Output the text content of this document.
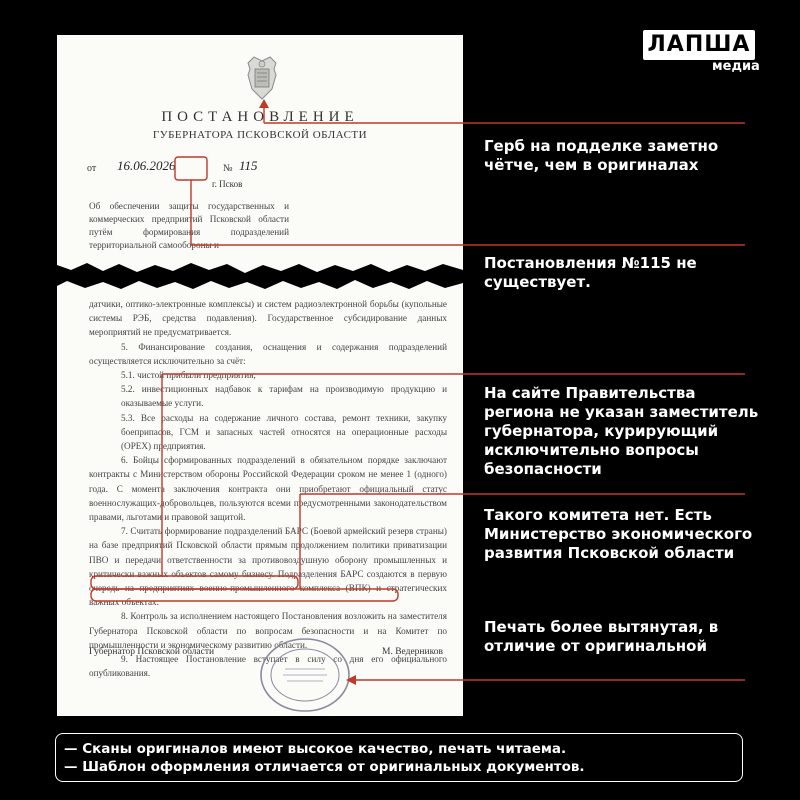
ЛАПША
медиа
ПОСТАНОВЛЕНИЕ
ГУБЕРНАТОРА ПСКОВСКОЙ ОБЛАСТИ
от 16.06.2026	№ 115
г. Псков
Об обеспечении защиты государственных и коммерческих предприятий Псковской области путём формирования подразделений территориальной самообороны и

датчики, оптико-электронные комплексы) и систем радиоэлектронной борьбы (купольные системы РЭБ, средства подавления). Государственное субсидирование данных мероприятий не предусматривается.

5. Финансирование создания, оснащения и содержания подразделений осуществляется исключительно за счёт:

5.1. чистой прибыли предприятия;

5.2. инвестиционных надбавок к тарифам на производимую продукцию и оказываемые услуги.

5.3. Все расходы на содержание личного состава, ремонт техники, закупку боеприпасов, ГСМ и запасных частей относятся на операционные расходы (OPEX) предприятия.

6. Бойцы сформированных подразделений в обязательном порядке заключают контракты с Министерством обороны Российской Федерации сроком не менее 1 (одного) года. С момента заключения контракта они приобретают официальный статус военнослужащих-добровольцев, пользуются всеми предусмотренными законодательством правами, льготами и правовой защитой.

7. Считать формирование подразделений БАРС (Боевой армейский резерв страны) на базе предприятий Псковской области прямым продолжением политики приватизации ПВО и передачи ответственности за противовоздушную оборону промышленных и критически важных объектов самому бизнесу. Подразделения БАРС создаются в первую очередь на предприятиях военно-промышленного комплекса (ВПК) и стратегических важных объектах.

8. Контроль за исполнением настоящего Постановления возложить на заместителя Губернатора Псковской области по вопросам безопасности и на Комитет по промышленности и экономическому развитию области.

9. Настоящее Постановление вступает в силу со дня его официального опубликования.

Губернатор Псковской области	М. Ведерников
Герб на подделке заметно чётче, чем в оригиналах
Постановления №115 не существует.
На сайте Правительства региона не указан заместитель губернатора, курирующий исключительно вопросы безопасности
Такого комитета нет. Есть Министерство экономического развития Псковской области
Печать более вытянутая, в отличие от оригинальной
— Сканы оригиналов имеют высокое качество, печать читаема.
— Шаблон оформления отличается от оригинальных документов.
